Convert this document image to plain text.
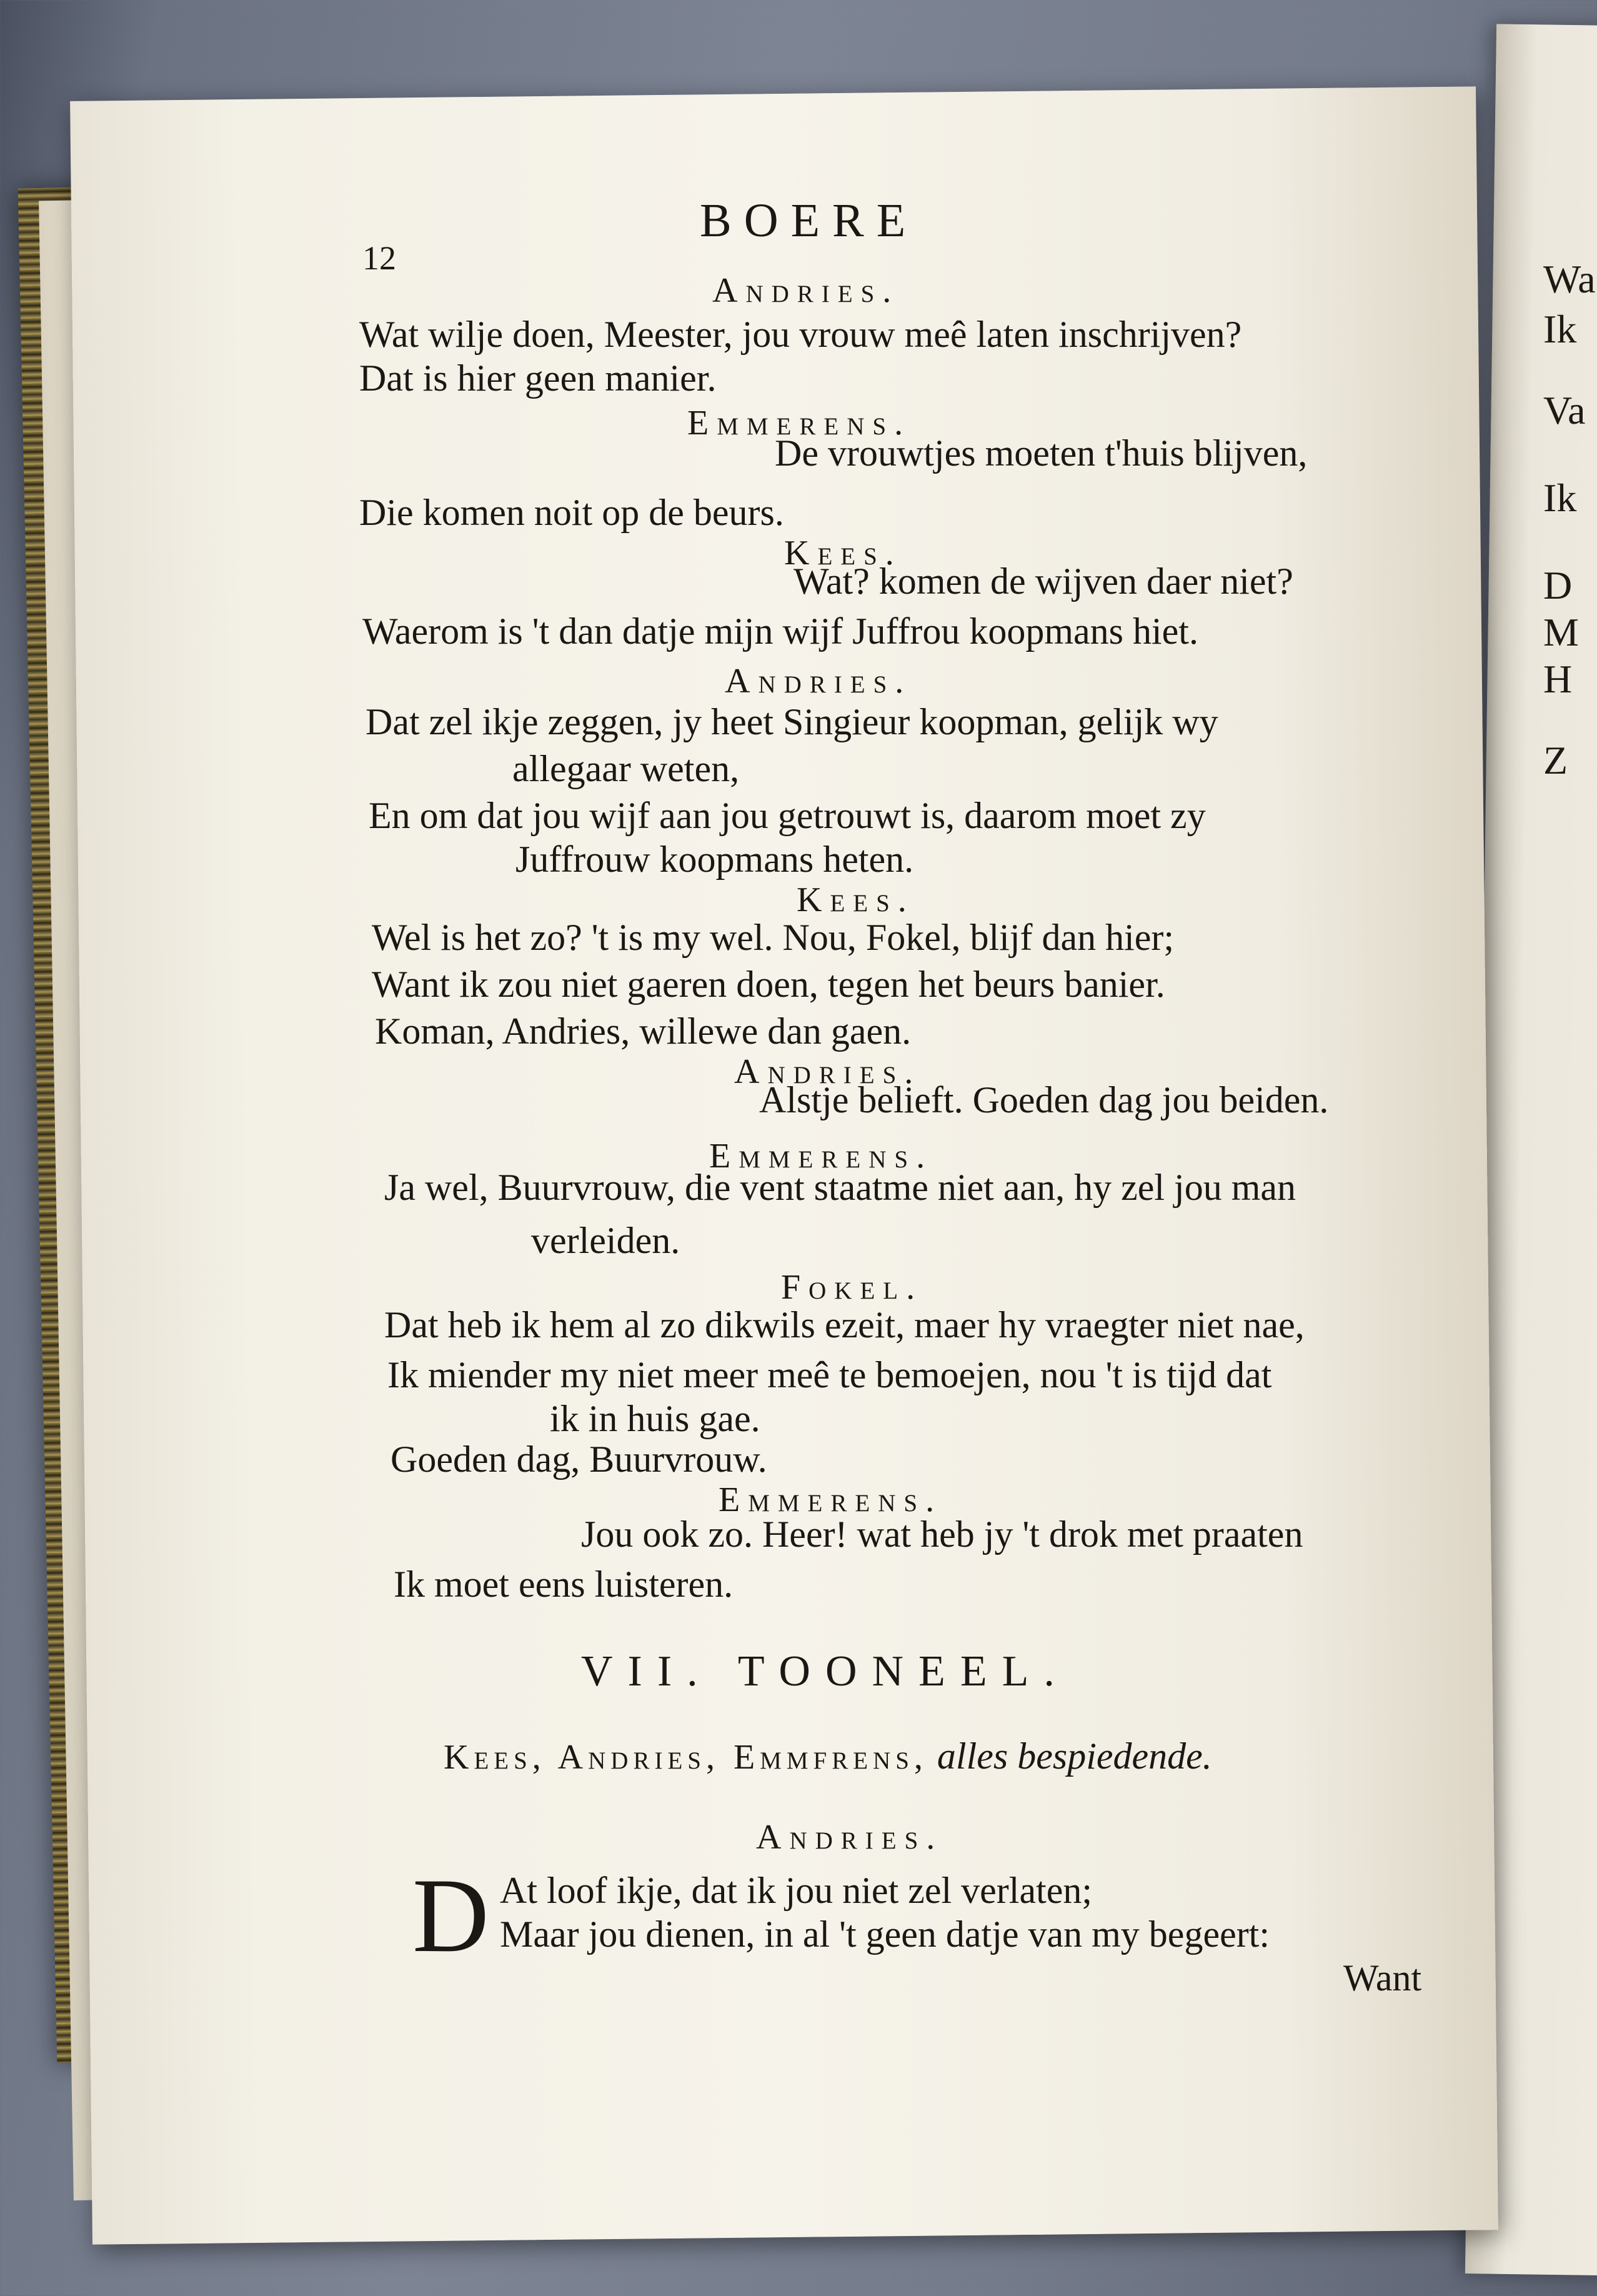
Wa
Ik
Va
Ik
D
M
H
Z
12
BOERE
Andries.
Wat wilje doen, Meester, jou vrouw meê laten inschrijven?
Dat is hier geen manier.
Emmerens.
De vrouwtjes moeten t'huis blijven,
Die komen noit op de beurs.
Kees.
Wat? komen de wijven daer niet?
Waerom is 't dan datje mijn wijf Juffrou koopmans hiet.
Andries.
Dat zel ikje zeggen, jy heet Singieur koopman, gelijk wy
allegaar weten,
En om dat jou wijf aan jou getrouwt is, daarom moet zy
Juffrouw koopmans heten.
Kees.
Wel is het zo? 't is my wel. Nou, Fokel, blijf dan hier;
Want ik zou niet gaeren doen, tegen het beurs banier.
Koman, Andries, willewe dan gaen.
Andries.
Alstje belieft. Goeden dag jou beiden.
Emmerens.
Ja wel, Buurvrouw, die vent staatme niet aan, hy zel jou man
verleiden.
Fokel.
Dat heb ik hem al zo dikwils ezeit, maer hy vraegter niet nae,
Ik miender my niet meer meê te bemoejen, nou 't is tijd dat
ik in huis gae.
Goeden dag, Buurvrouw.
Emmerens.
Jou ook zo. Heer! wat heb jy 't drok met praaten
Ik moet eens luisteren.
VII. TOONEEL.
Kees, Andries, Emmfrens, alles bespiedende.
Andries.
D At loof ikje, dat ik jou niet zel verlaten;
Maar jou dienen, in al 't geen datje van my begeert:
Want
